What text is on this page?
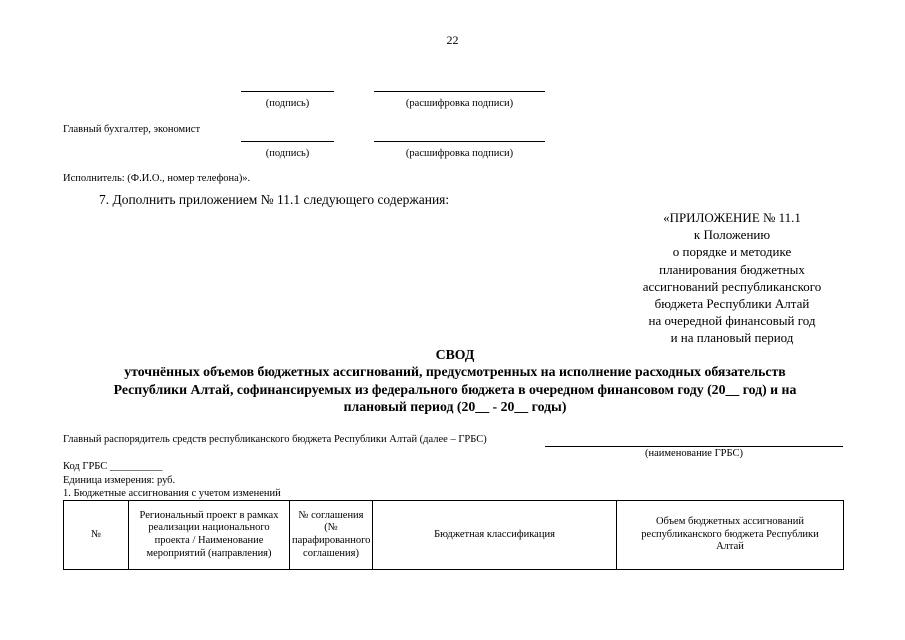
22
(подпись)	(расшифровка подписи)
Главный бухгалтер, экономист
(подпись)	(расшифровка подписи)
Исполнитель: (Ф.И.О., номер телефона)».
7. Дополнить приложением № 11.1 следующего содержания:
«ПРИЛОЖЕНИЕ № 11.1
к Положению
о порядке и методике
планирования бюджетных
ассигнований республиканского
бюджета Республики Алтай
на очередной финансовый год
и на плановый период
СВОД
уточнённых объемов бюджетных ассигнований, предусмотренных на исполнение расходных обязательств
Республики Алтай, софинансируемых из федерального бюджета в очередном финансовом году (20__ год) и на
плановый период (20__ - 20__ годы)
Главный распорядитель средств республиканского бюджета Республики Алтай (далее – ГРБС)
(наименование ГРБС)
Код ГРБС __________
Единица измерения: руб.
1. Бюджетные ассигнования с учетом изменений
№	Региональный проект в рамках реализации национального проекта / Наименование мероприятий (направления)	№ соглашения (№ парафированного соглашения)	Бюджетная классификация	Объем бюджетных ассигнований республиканского бюджета Республики Алтай
